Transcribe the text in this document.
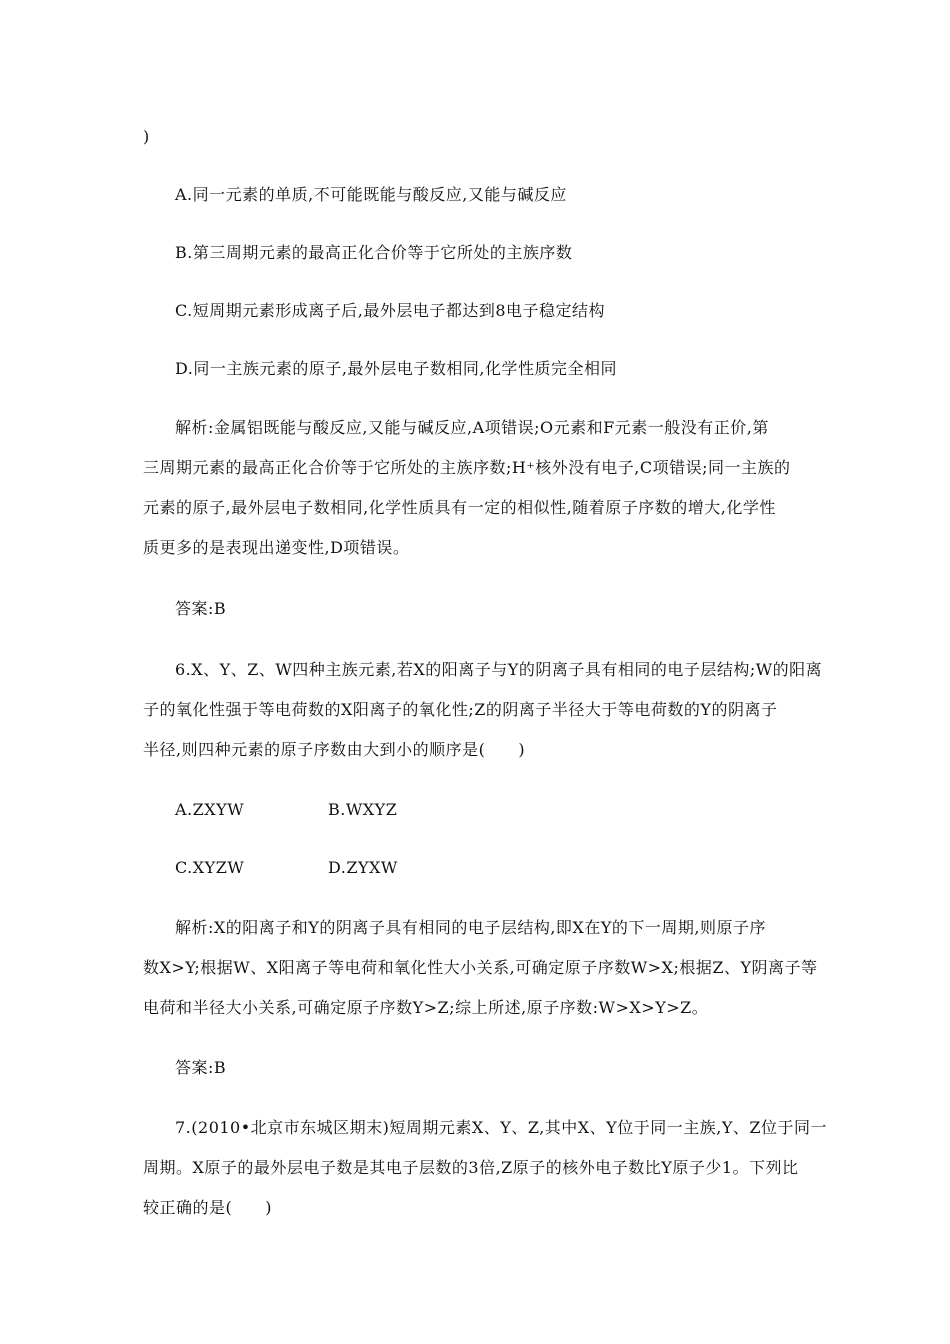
)
A.同一元素的单质,不可能既能与酸反应,又能与碱反应
B.第三周期元素的最高正化合价等于它所处的主族序数
C.短周期元素形成离子后,最外层电子都达到8电子稳定结构
D.同一主族元素的原子,最外层电子数相同,化学性质完全相同
解析:金属铝既能与酸反应,又能与碱反应,A项错误;O元素和F元素一般没有正价,第
三周期元素的最高正化合价等于它所处的主族序数;H⁺核外没有电子,C项错误;同一主族的
元素的原子,最外层电子数相同,化学性质具有一定的相似性,随着原子序数的增大,化学性
质更多的是表现出递变性,D项错误。
答案:B
6.X、Y、Z、W四种主族元素,若X的阳离子与Y的阴离子具有相同的电子层结构;W的阳离
子的氧化性强于等电荷数的X阳离子的氧化性;Z的阴离子半径大于等电荷数的Y的阴离子
半径,则四种元素的原子序数由大到小的顺序是(　　)
A.ZXYW	B.WXYZ
C.XYZW	D.ZYXW
解析:X的阳离子和Y的阴离子具有相同的电子层结构,即X在Y的下一周期,则原子序
数X>Y;根据W、X阳离子等电荷和氧化性大小关系,可确定原子序数W>X;根据Z、Y阴离子等
电荷和半径大小关系,可确定原子序数Y>Z;综上所述,原子序数:W>X>Y>Z。
答案:B
7.(2010•北京市东城区期末)短周期元素X、Y、Z,其中X、Y位于同一主族,Y、Z位于同一
周期。X原子的最外层电子数是其电子层数的3倍,Z原子的核外电子数比Y原子少1。下列比
较正确的是(　　)
